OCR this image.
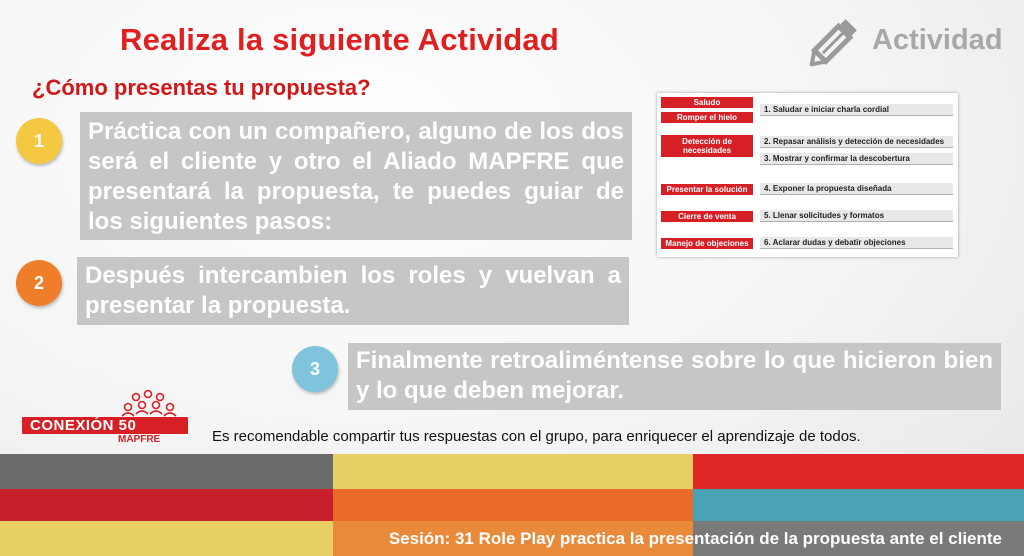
Realiza la siguiente Actividad
¿Cómo presentas tu propuesta?
Actividad
1
2
3
Práctica con un compañero, alguno de los dos será el cliente y otro el Aliado MAPFRE que presentará la propuesta, te puedes guiar de los siguientes pasos:
Después intercambien los roles y vuelvan a presentar la propuesta.
Finalmente retroaliméntense sobre lo que hicieron bien y lo que deben mejorar.
Saludo
Romper el hielo
Detección de necesidades
Presentar la solución
Cierre de venta
Manejo de objeciones
1. Saludar e iniciar charla cordial
2. Repasar análisis y detección de necesidades
3. Mostrar y confirmar la descobertura
4. Exponer la propuesta diseñada
5. Llenar solicitudes y formatos
6. Aclarar dudas y debatir objeciones
CONEXIÓN 50
MAPFRE	Es recomendable compartir tus respuestas con el grupo, para enriquecer el aprendizaje de todos.
Sesión: 31 Role Play practica la presentación de la propuesta ante el cliente
